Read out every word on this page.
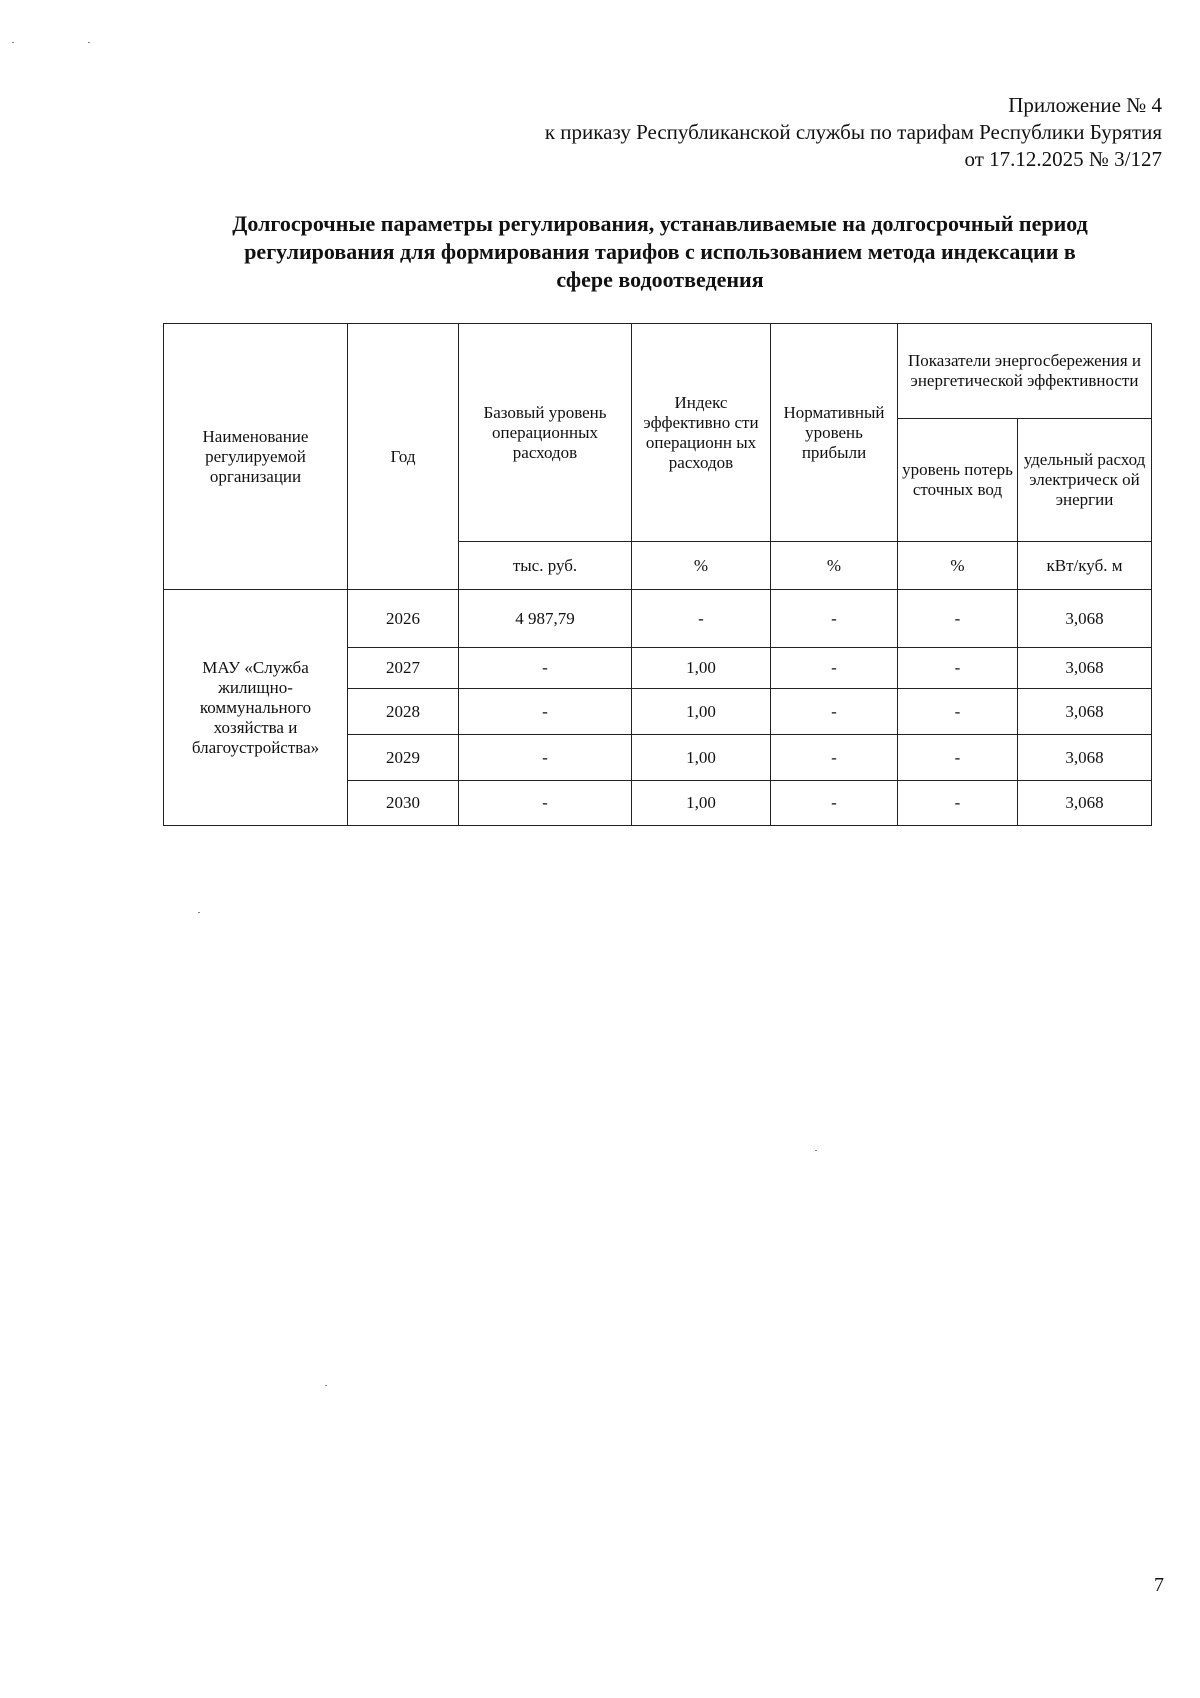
Приложение № 4
к приказу Республиканской службы по тарифам Республики Бурятия
от 17.12.2025 № 3/127
Долгосрочные параметры регулирования, устанавливаемые на долгосрочный период
регулирования для формирования тарифов с использованием метода индексации в
сфере водоотведения
Наименование регулируемой организации	Год	Базовый уровень операционных расходов	Индекс эффективно сти операционн ых расходов	Нормативный уровень прибыли	Показатели энергосбережения и энергетической эффективности	
					уровень потерь сточных вод	удельный расход электрическ ой энергии
		тыс. руб.	%	%	%	кВт/куб. м
МАУ «Служба жилищно-коммунального хозяйства и благоустройства»	2026	4 987,79	-	-	-	3,068
	2027	-	1,00	-	-	3,068
	2028	-	1,00	-	-	3,068
	2029	-	1,00	-	-	3,068
	2030	-	1,00	-	-	3,068
7
